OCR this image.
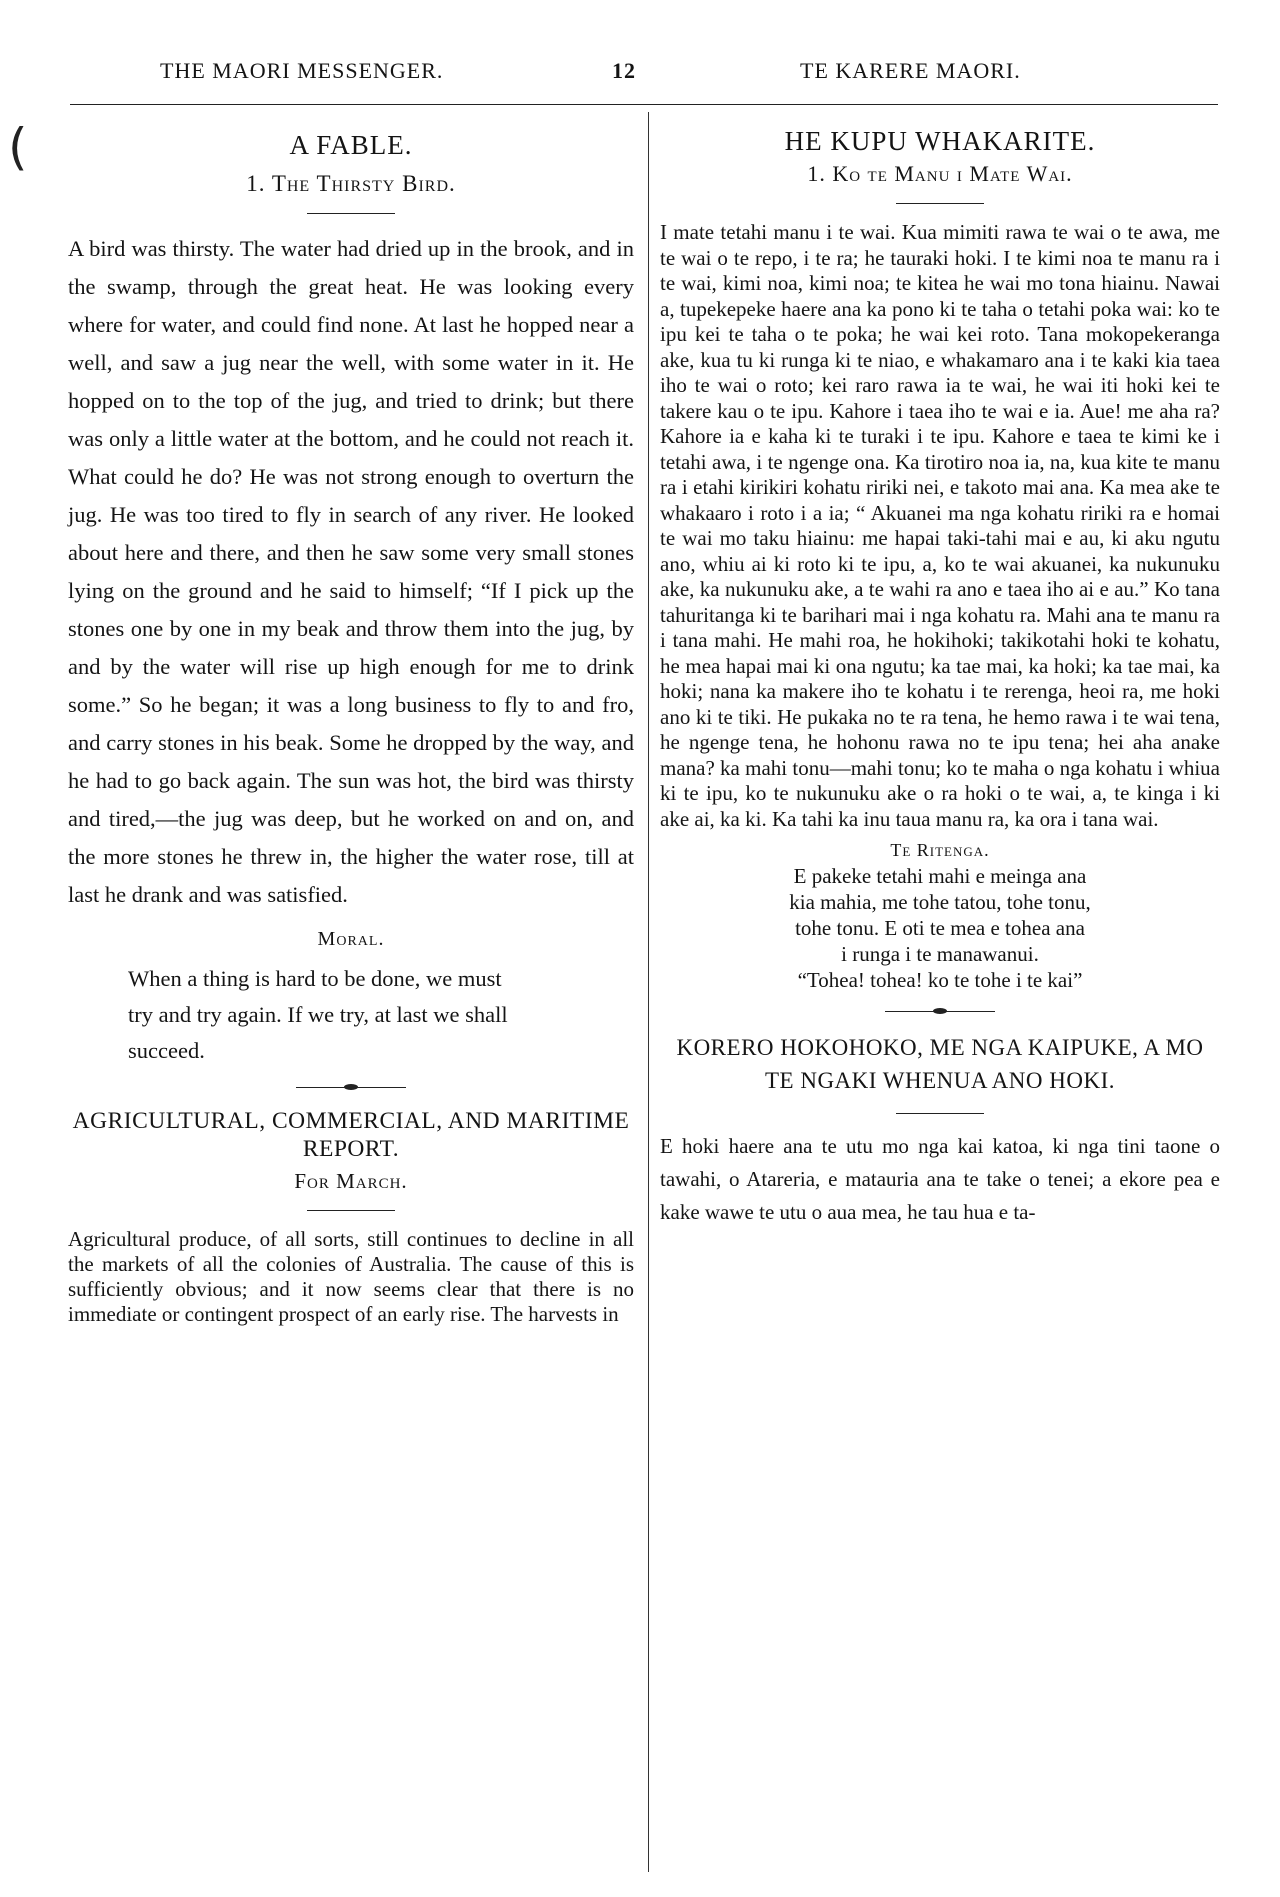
THE MAORI MESSENGER.	12	TE KARERE MAORI.
(	A FABLE.
1. The Thirsty Bird.

A bird was thirsty. The water had dried up in the brook, and in the swamp, through the great heat. He was looking every where for water, and could find none. At last he hopped near a well, and saw a jug near the well, with some water in it. He hopped on to the top of the jug, and tried to drink; but there was only a little water at the bottom, and he could not reach it. What could he do? He was not strong enough to overturn the jug. He was too tired to fly in search of any river. He looked about here and there, and then he saw some very small stones lying on the ground and he said to himself; “If I pick up the stones one by one in my beak and throw them into the jug, by and by the water will rise up high enough for me to drink some.” So he began; it was a long business to fly to and fro, and carry stones in his beak. Some he dropped by the way, and he had to go back again. The sun was hot, the bird was thirsty and tired,—the jug was deep, but he worked on and on, and the more stones he threw in, the higher the water rose, till at last he drank and was satisfied.

Moral.

When a thing is hard to be done, we must try and try again. If we try, at last we shall succeed.

AGRICULTURAL, COMMERCIAL, AND MARITIME REPORT.
For March.

Agricultural produce, of all sorts, still continues to decline in all the markets of all the colonies of Australia. The cause of this is sufficiently obvious; and it now seems clear that there is no immediate or contingent prospect of an early rise. The harvests in

HE KUPU WHAKARITE.
1. Ko te Manu i Mate Wai.

I mate tetahi manu i te wai. Kua mimiti rawa te wai o te awa, me te wai o te repo, i te ra; he tauraki hoki. I te kimi noa te manu ra i te wai, kimi noa, kimi noa; te kitea he wai mo tona hiainu. Nawai a, tupekepeke haere ana ka pono ki te taha o tetahi poka wai: ko te ipu kei te taha o te poka; he wai kei roto. Tana mokopekeranga ake, kua tu ki runga ki te niao, e whakamaro ana i te kaki kia taea iho te wai o roto; kei raro rawa ia te wai, he wai iti hoki kei te takere kau o te ipu. Kahore i taea iho te wai e ia. Aue! me aha ra? Kahore ia e kaha ki te turaki i te ipu. Kahore e taea te kimi ke i tetahi awa, i te ngenge ona. Ka tirotiro noa ia, na, kua kite te manu ra i etahi kirikiri kohatu ririki nei, e takoto mai ana. Ka mea ake te whakaaro i roto i a ia; “ Akuanei ma nga kohatu ririki ra e homai te wai mo taku hiainu: me hapai taki-tahi mai e au, ki aku ngutu ano, whiu ai ki roto ki te ipu, a, ko te wai akuanei, ka nukunuku ake, ka nukunuku ake, a te wahi ra ano e taea iho ai e au.” Ko tana tahuritanga ki te barihari mai i nga kohatu ra. Mahi ana te manu ra i tana mahi. He mahi roa, he hokihoki; takikotahi hoki te kohatu, he mea hapai mai ki ona ngutu; ka tae mai, ka hoki; ka tae mai, ka hoki; nana ka makere iho te kohatu i te rerenga, heoi ra, me hoki ano ki te tiki. He pukaka no te ra tena, he hemo rawa i te wai tena, he ngenge tena, he hohonu rawa no te ipu tena; hei aha anake mana? ka mahi tonu—mahi tonu; ko te maha o nga kohatu i whiua ki te ipu, ko te nukunuku ake o ra hoki o te wai, a, te kinga i ki ake ai, ka ki. Ka tahi ka inu taua manu ra, ka ora i tana wai.

Te Ritenga.

E pakeke tetahi mahi e meinga ana

kia mahia, me tohe tatou, tohe tonu,

tohe tonu. E oti te mea e tohea ana

i runga i te manawanui.

“Tohea! tohea! ko te tohe i te kai”

KORERO HOKOHOKO, ME NGA KAIPUKE, A MO TE NGAKI WHENUA ANO HOKI.

E hoki haere ana te utu mo nga kai katoa, ki nga tini taone o tawahi, o Atareria, e matauria ana te take o tenei; a ekore pea e kake wawe te utu o aua mea, he tau hua e ta-
